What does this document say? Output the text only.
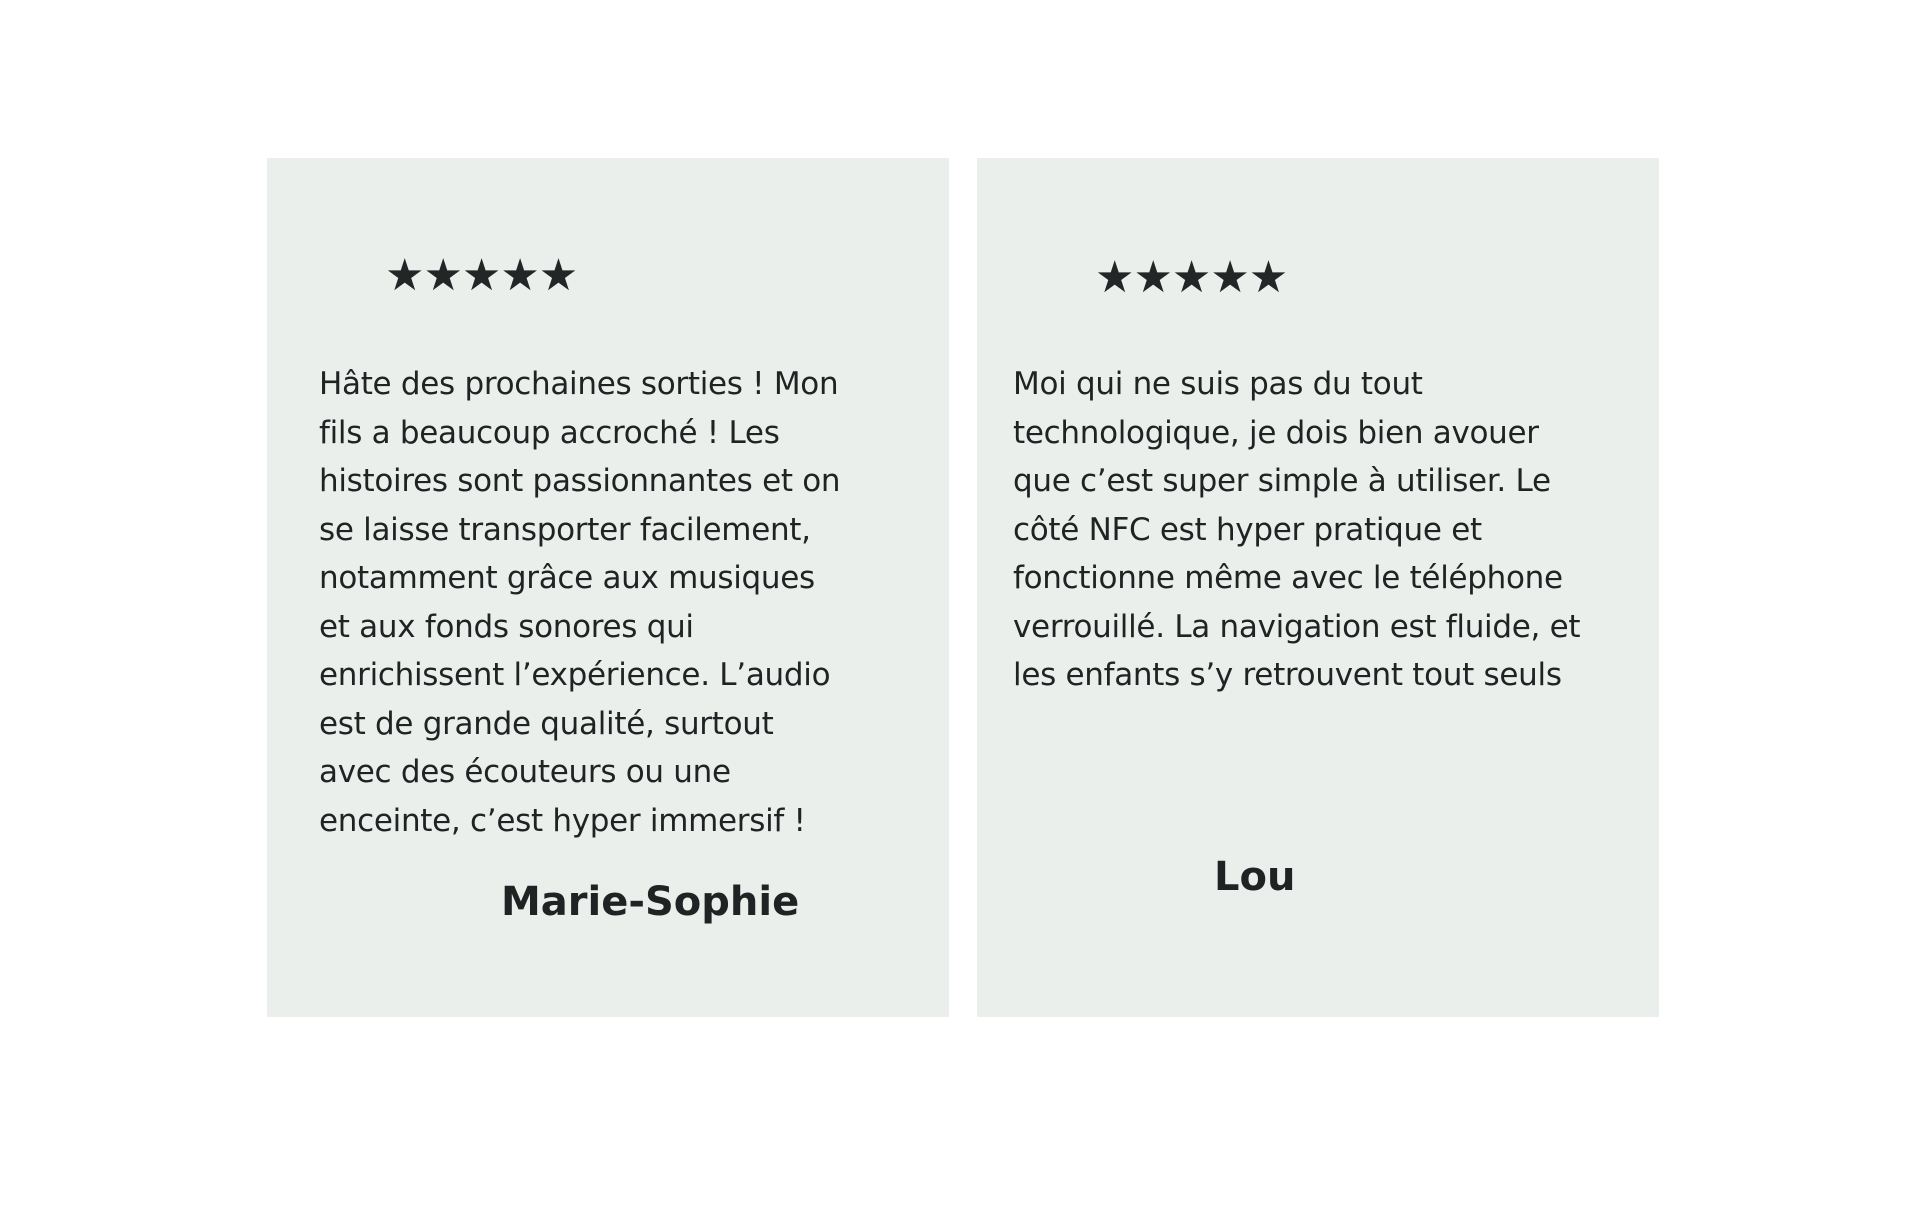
★★★★★

Hâte des prochaines sorties ! Mon
fils a beaucoup accroché ! Les
histoires sont passionnantes et on
se laisse transporter facilement,
notamment grâce aux musiques
et aux fonds sonores qui
enrichissent l’expérience. L’audio
est de grande qualité, surtout
avec des écouteurs ou une
enceinte, c’est hyper immersif !

Marie-Sophie
★★★★★

Moi qui ne suis pas du tout
technologique, je dois bien avouer
que c’est super simple à utiliser. Le
côté NFC est hyper pratique et
fonctionne même avec le téléphone
verrouillé. La navigation est fluide, et
les enfants s’y retrouvent tout seuls

Lou
